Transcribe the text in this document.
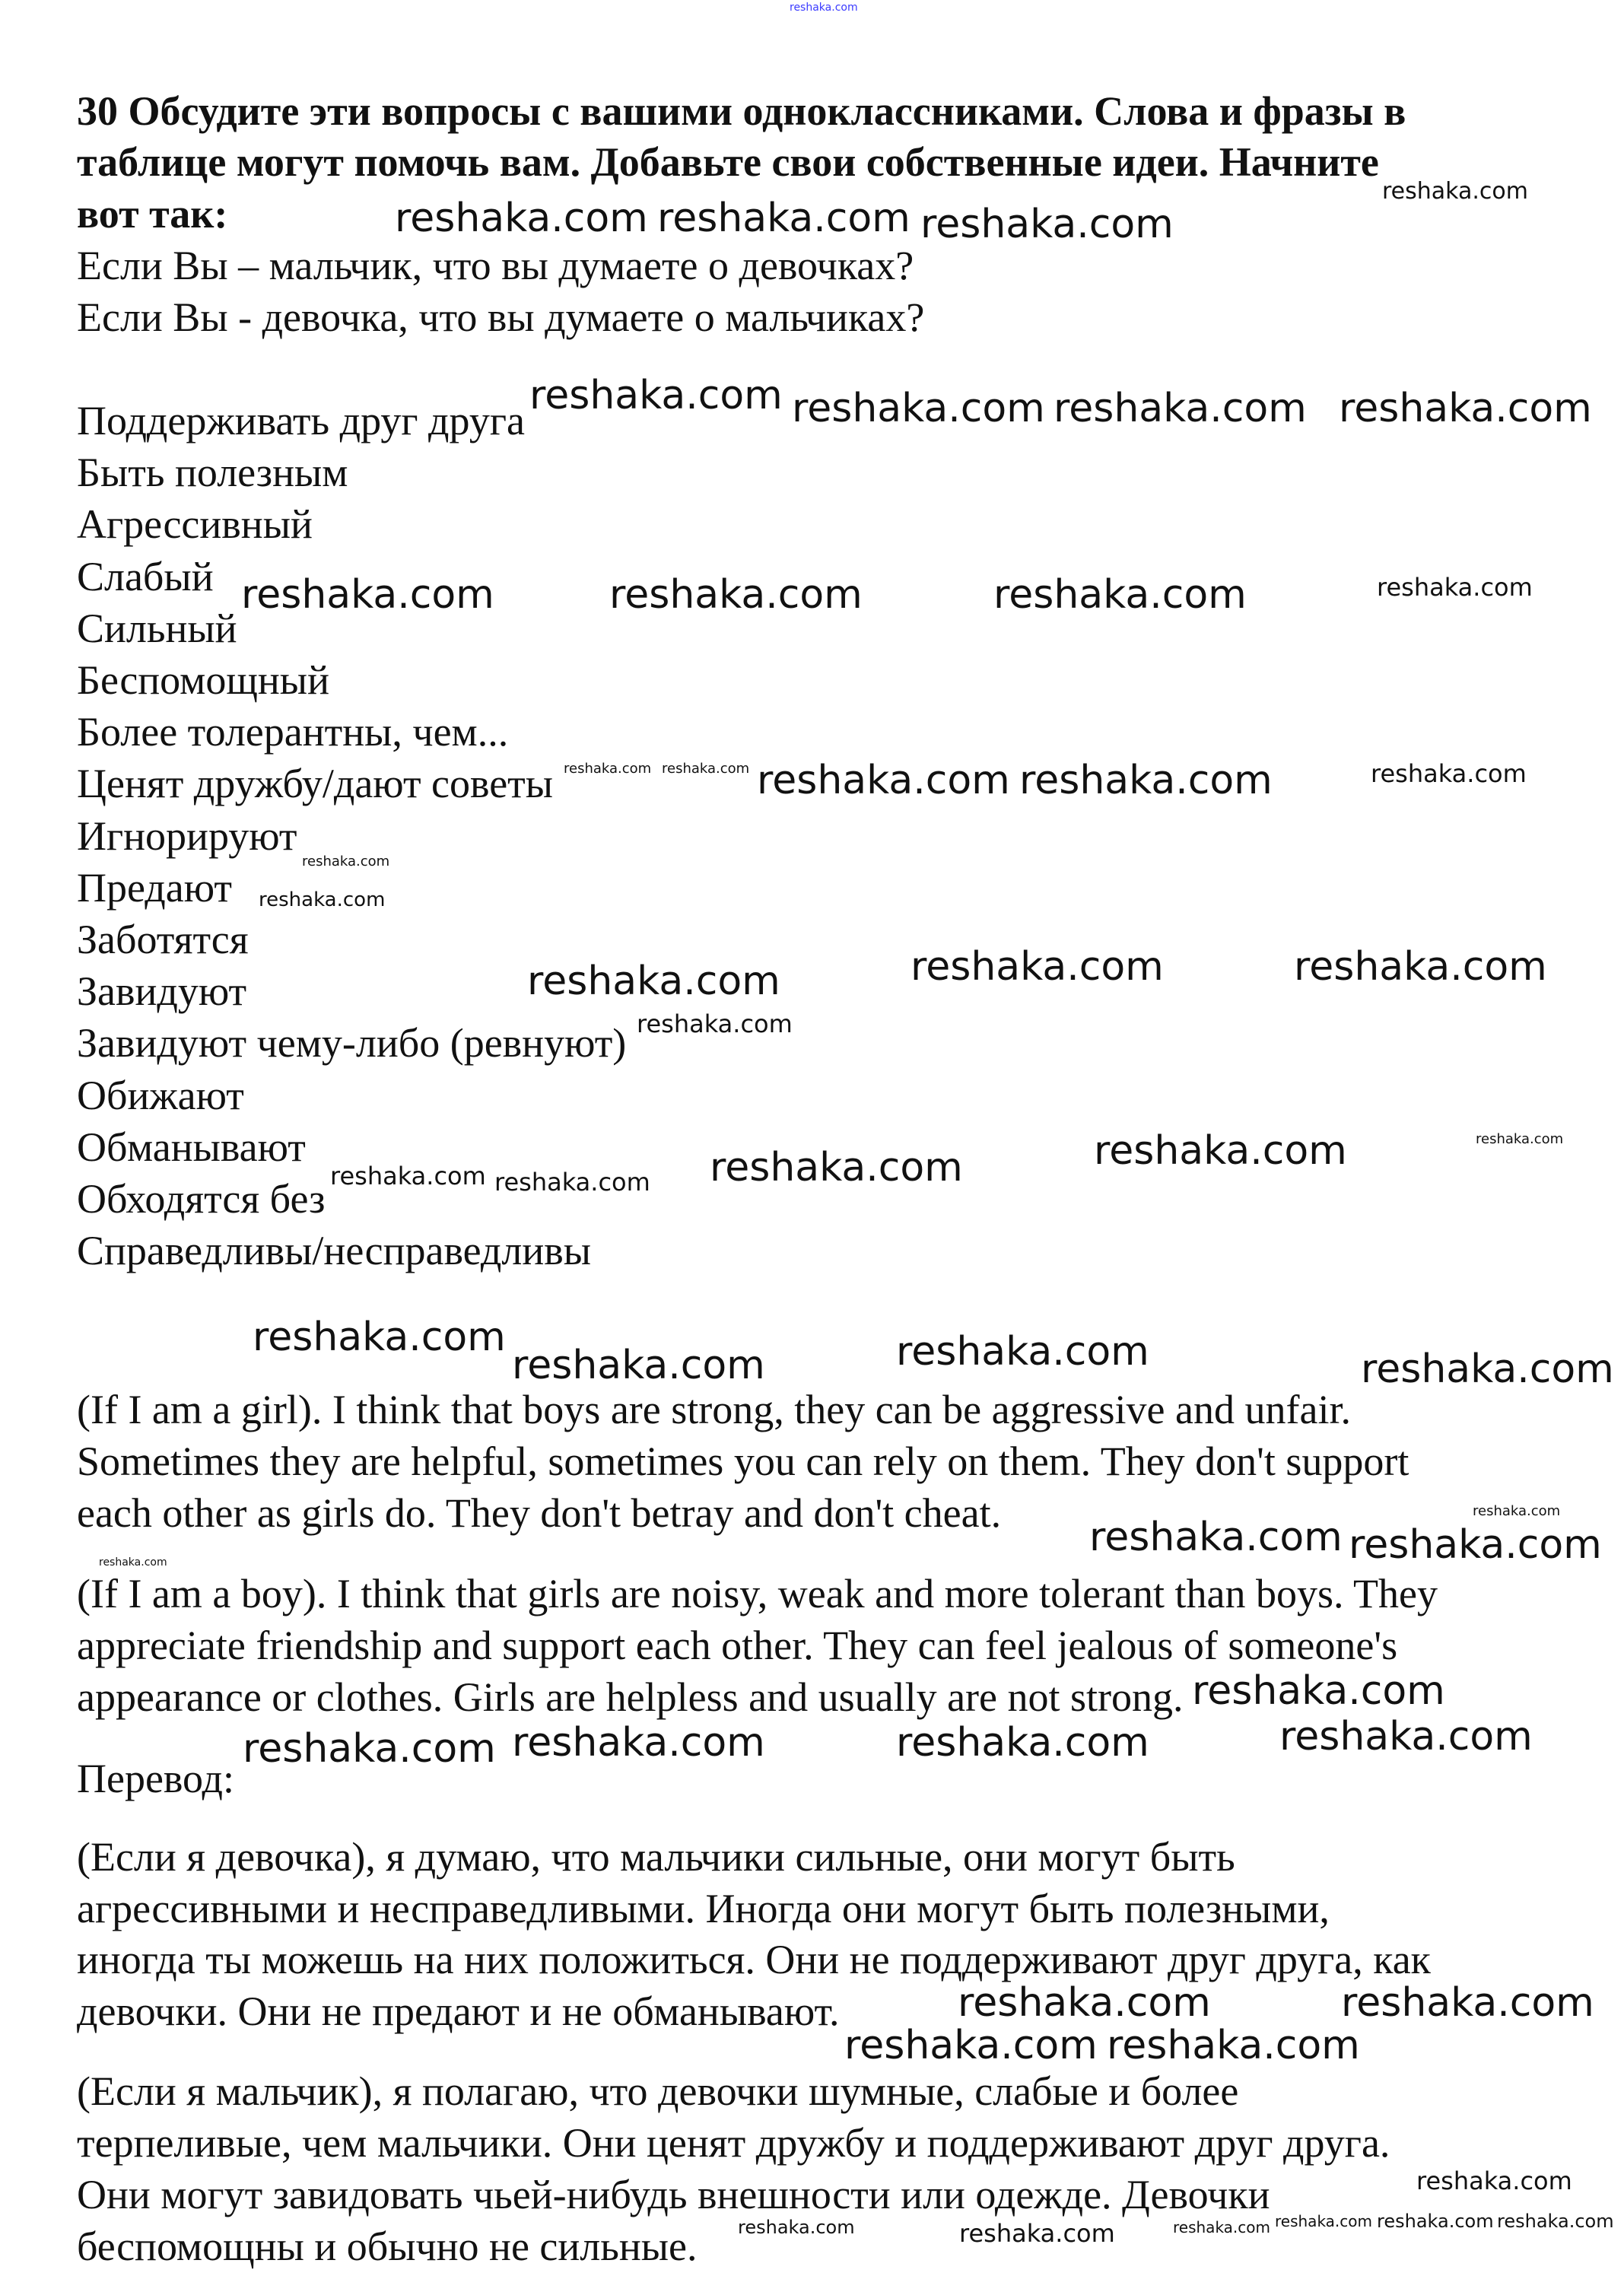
reshaka.com
30 Обсудите эти вопросы с вашими одноклассниками. Слова и фразы в
таблице могут помочь вам. Добавьте свои собственные идеи. Начните
вот так:
Если Вы – мальчик, что вы думаете о девочках?
Если Вы - девочка, что вы думаете о мальчиках?
Поддерживать друг друга
Быть полезным
Агрессивный
Слабый
Сильный
Беспомощный
Более толерантны, чем...
Ценят дружбу/дают советы
Игнорируют
Предают
Заботятся
Завидуют
Завидуют чему-либо (ревнуют)
Обижают
Обманывают
Обходятся без
Справедливы/несправедливы
(If I am a girl). I think that boys are strong, they can be aggressive and unfair.
Sometimes they are helpful, sometimes you can rely on them. They don't support
each other as girls do. They don't betray and don't cheat.
(If I am a boy). I think that girls are noisy, weak and more tolerant than boys. They
appreciate friendship and support each other. They can feel jealous of someone's
appearance or clothes. Girls are helpless and usually are not strong.
Перевод:
(Если я девочка), я думаю, что мальчики сильные, они могут быть
агрессивными и несправедливыми. Иногда они могут быть полезными,
иногда ты можешь на них положиться. Они не поддерживают друг друга, как
девочки. Они не предают и не обманывают.
(Если я мальчик), я полагаю, что девочки шумные, слабые и более
терпеливые, чем мальчики. Они ценят дружбу и поддерживают друг друга.
Они могут завидовать чьей-нибудь внешности или одежде. Девочки
беспомощны и обычно не сильные.
reshaka.com
reshaka.com
reshaka.com
reshaka.com
reshaka.com reshaka.com reshaka.com reshaka.com
reshaka.com	reshaka.com	reshaka.com	reshaka.com
reshaka.com reshaka.com reshaka.com reshaka.com	reshaka.com
reshaka.com
reshaka.com
reshaka.com	reshaka.com	reshaka.com
reshaka.com
reshaka.com
reshaka.com
reshaka.com reshaka.com reshaka.com
reshaka.com
reshaka.com	reshaka.com
reshaka.com
reshaka.com
reshaka.com reshaka.com
reshaka.com
reshaka.com
reshaka.com reshaka.com	reshaka.com	reshaka.com
reshaka.com	reshaka.com
reshaka.com reshaka.com
reshaka.com
reshaka.com reshaka.com reshaka.com
reshaka.com	reshaka.com	reshaka.com
